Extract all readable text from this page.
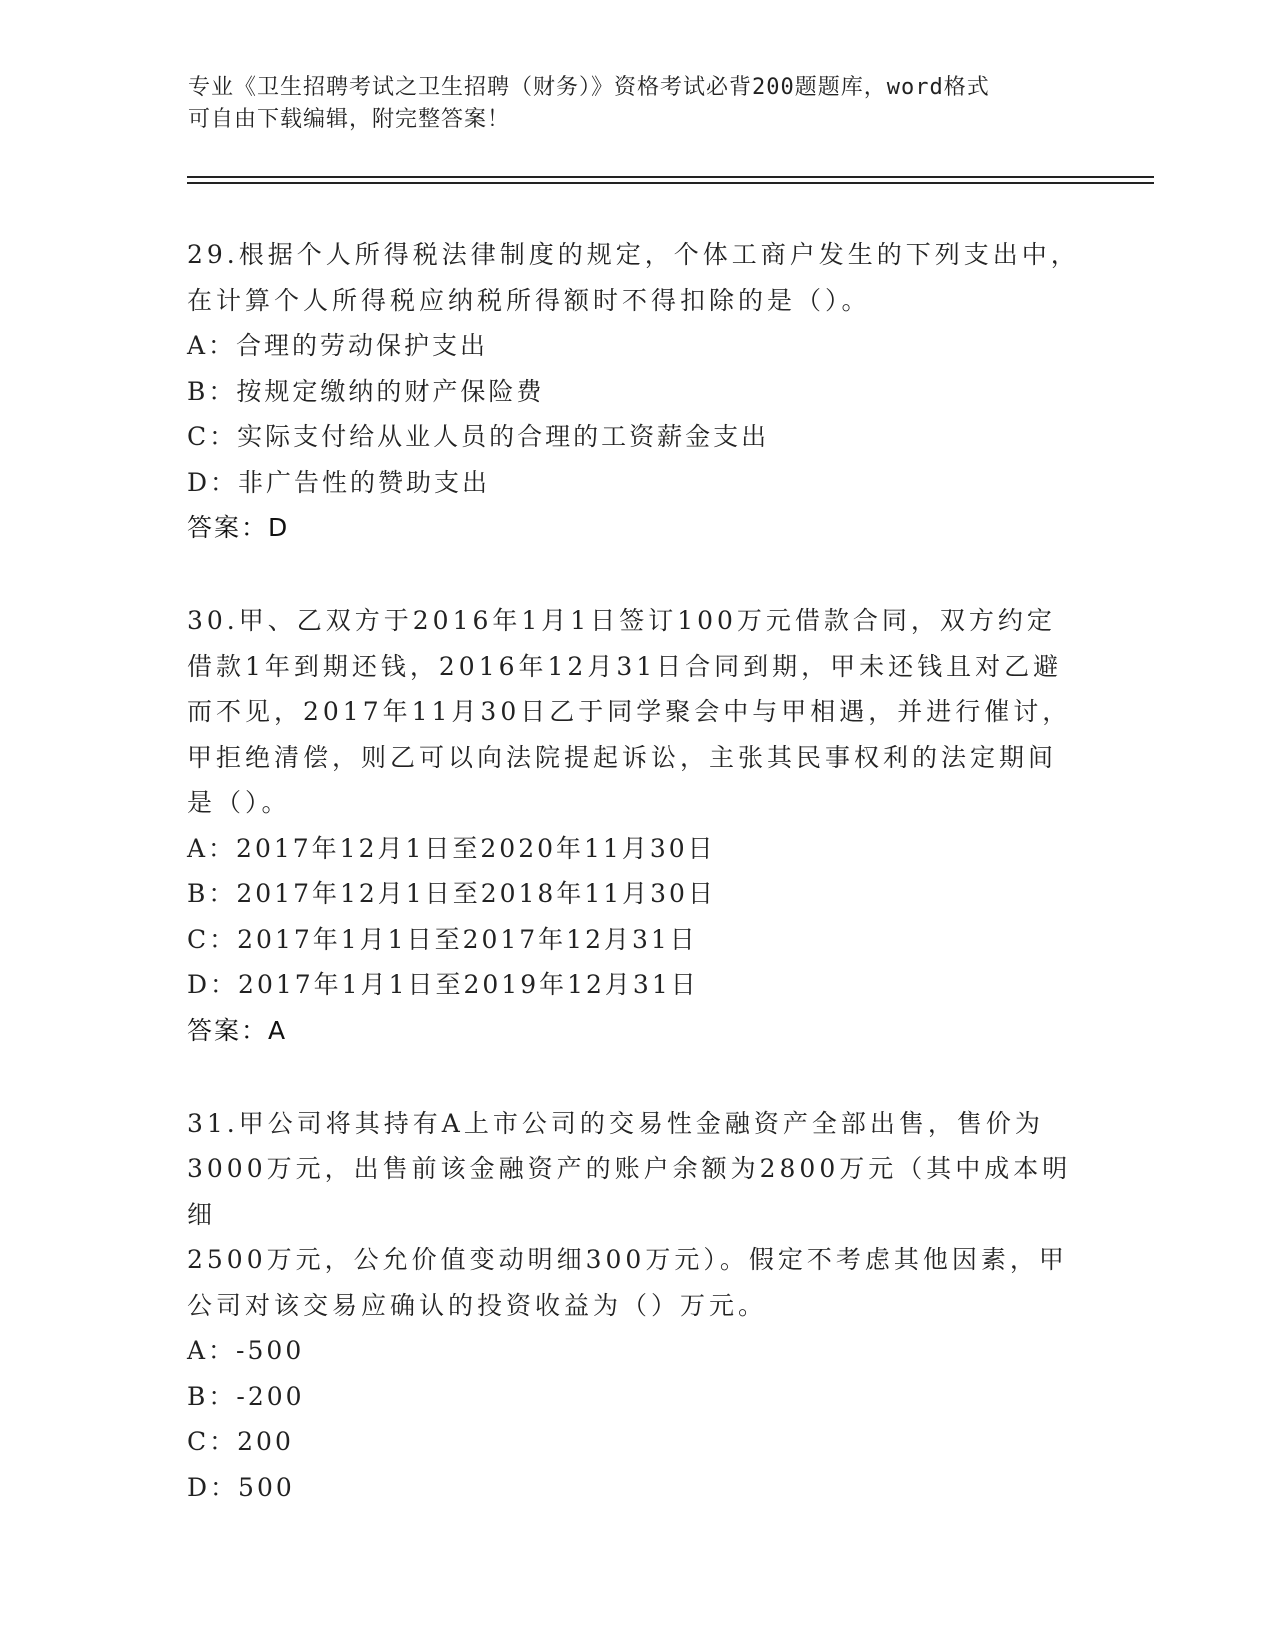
专业《卫生招聘考试之卫生招聘（财务）》资格考试必背200题题库，word格式
可自由下载编辑，附完整答案！
29.根据个人所得税法律制度的规定，个体工商户发生的下列支出中，
在计算个人所得税应纳税所得额时不得扣除的是（）。
A：合理的劳动保护支出
B：按规定缴纳的财产保险费
C：实际支付给从业人员的合理的工资薪金支出
D：非广告性的赞助支出
答案：D
30.甲、乙双方于2016年1月1日签订100万元借款合同，双方约定
借款1年到期还钱，2016年12月31日合同到期，甲未还钱且对乙避
而不见，2017年11月30日乙于同学聚会中与甲相遇，并进行催讨，
甲拒绝清偿，则乙可以向法院提起诉讼，主张其民事权利的法定期间
是（）。
A：2017年12月1日至2020年11月30日
B：2017年12月1日至2018年11月30日
C：2017年1月1日至2017年12月31日
D：2017年1月1日至2019年12月31日
答案：A
31.甲公司将其持有A上市公司的交易性金融资产全部出售，售价为
3000万元，出售前该金融资产的账户余额为2800万元（其中成本明细
2500万元，公允价值变动明细300万元）。假定不考虑其他因素，甲
公司对该交易应确认的投资收益为（）万元。
A：-500
B：-200
C：200
D：500
